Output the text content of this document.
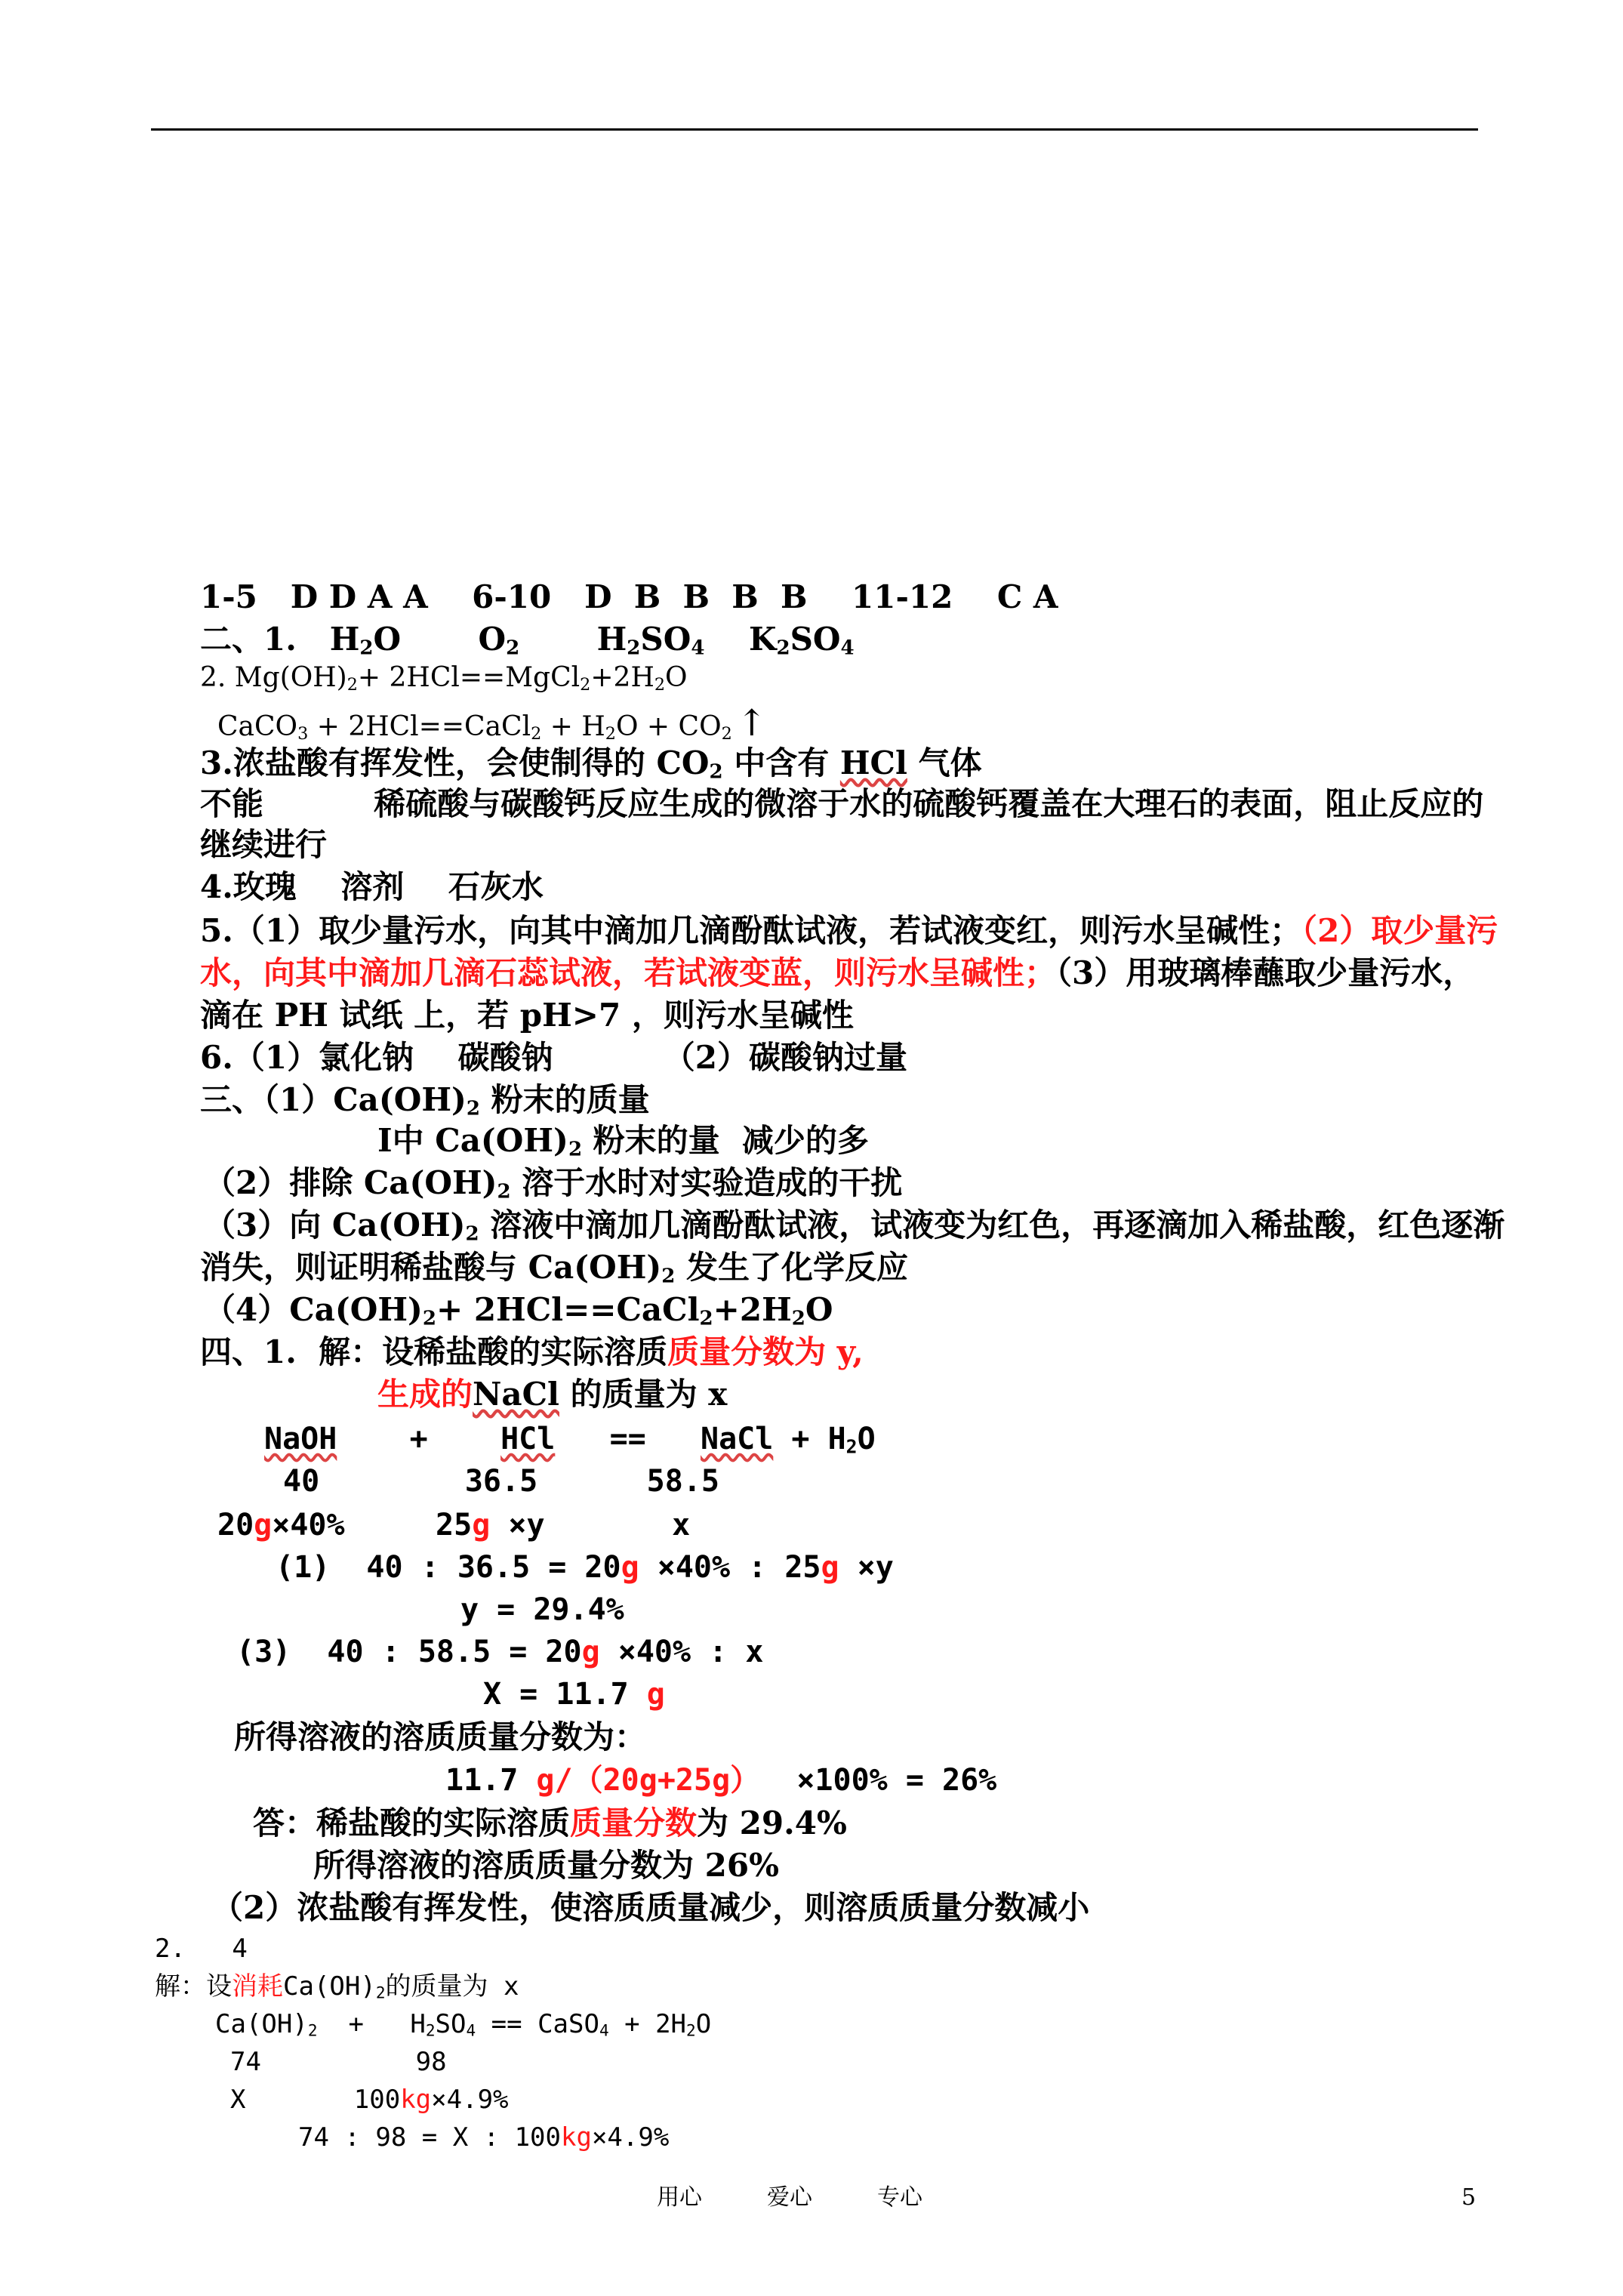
1-5 D D A A 6-10 D  B  B  B  B 11-12 C A
二、1. $H_2O$ $O_2$ $H_2SO_4$ $K_2SO_4$
2. $Mg(OH)_2+$ $2HCl==MgCl_2+2H_2O$
CaCO$_3$ + 2HCl==CaCl$_2$ + $H_2O + CO_2$ ↑
3.浓盐酸有挥发性，会使制得的 $CO_2$ 中含有 HCl 气体
不能	稀硫酸与碳酸钙反应生成的微溶于水的硫酸钙覆盖在大理石的表面，阻止反应的
继续进行
4.玫瑰    溶剂    石灰水
5.（1）取少量污水，向其中滴加几滴酚酞试液，若试液变红，则污水呈碱性；（2）取少量污
水，向其中滴加几滴石蕊试液，若试液变蓝，则污水呈碱性；（3）用玻璃棒蘸取少量污水，
滴在 PH 试纸 上，若 pH>7 ，则污水呈碱性
6.（1）氯化钠    碳酸钠          （2）碳酸钠过量
三、$(1)Ca(OH)_2$ 粉末的质量
Ⅰ中 $Ca(OH)_2$ 粉末的量  减少的多
（2）排除 $Ca(OH)_2$ 溶于水时对实验造成的干扰
（3）向 $Ca(OH)_2$ 溶液中滴加几滴酚酞试液，试液变为红色，再逐滴加入稀盐酸，红色逐渐
消失，则证明稀盐酸与 $Ca(OH)_2$ 发生了化学反应
$(4)Ca(OH)_2+$ $2HCl==CaCl_2+2H_2O$
四、1.  解：设稀盐酸的实际溶质质量分数为 y,
生成的NaCl 的质量为 x
NaOH + HCl == NaCl + $H_2O$
40	36.5	58.5
20g×40%	25g ×y	x
(1)  40 : 36.5 = 20g ×40% : 25g ×y
y = 29.4%
(3)  40 : 58.5 = 20g ×40% : x
X = 11.7 g
所得溶液的溶质质量分数为：
11.7 g/（20g+25g）  ×100% = 26%
答：稀盐酸的实际溶质质量分数为 29.4%
所得溶液的溶质质量分数为 26%
（2）浓盐酸有挥发性，使溶质质量减少，则溶质质量分数减小
2.   4
解：设消耗$Ca(OH)_2$的质量为 x
$Ca(OH)_2 + H_2SO_4$ == CaSO$_4$ + $2H_2O$
74	98
X	100kg×4.9%
74 : 98 = X : 100kg×4.9%
用心	爱心	专心	5
